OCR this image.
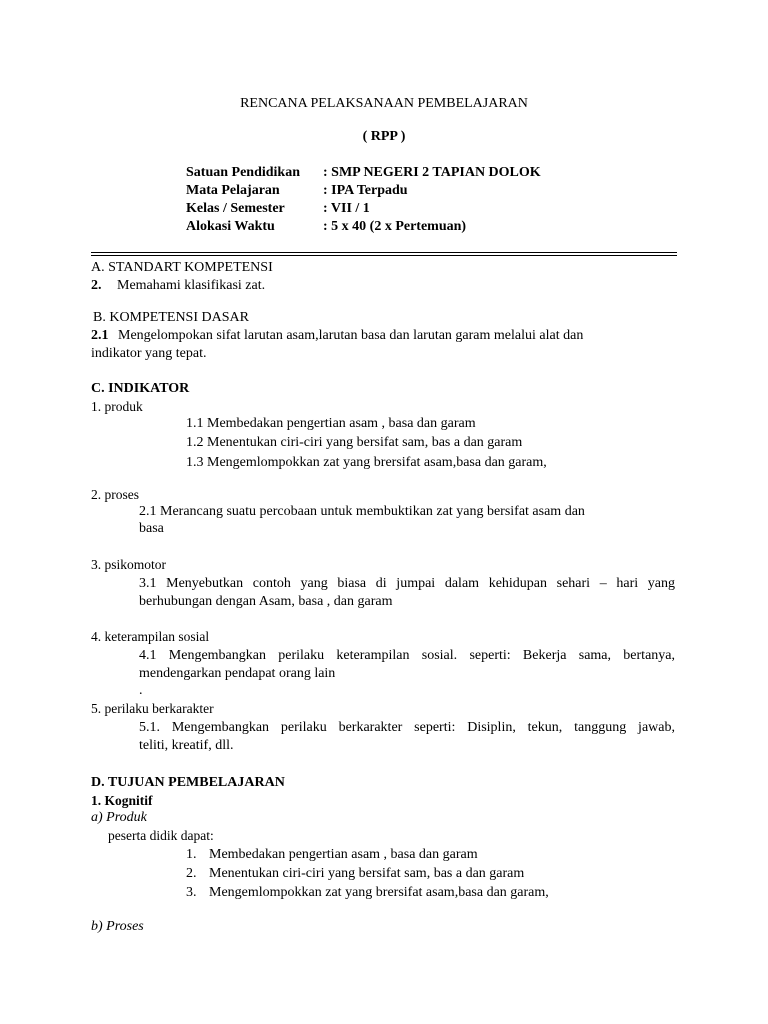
RENCANA PELAKSANAAN PEMBELAJARAN
( RPP )
Satuan Pendidikan : SMP NEGERI 2 TAPIAN DOLOK
Mata Pelajaran	: IPA Terpadu
Kelas / Semester	: VII / 1
Alokasi Waktu	: 5 x 40 (2 x Pertemuan)
A. STANDART KOMPETENSI
2. Memahami klasifikasi zat.
B. KOMPETENSI DASAR
2.1 Mengelompokan sifat larutan asam,larutan basa dan larutan garam melalui alat dan
indikator yang tepat.
C. INDIKATOR
1. produk
1.1 Membedakan pengertian asam , basa dan garam
1.2 Menentukan ciri-ciri yang bersifat sam, bas a dan garam
1.3 Mengemlompokkan zat yang brersifat asam,basa dan garam,
2. proses
2.1 Merancang suatu percobaan untuk membuktikan zat yang bersifat asam dan
basa
3. psikomotor
3.1 Menyebutkan contoh yang biasa di jumpai dalam kehidupan sehari – hari yang
berhubungan dengan Asam, basa , dan garam
4. keterampilan sosial
4.1 Mengembangkan perilaku keterampilan sosial. seperti: Bekerja sama, bertanya,
mendengarkan pendapat orang lain
.
5. perilaku berkarakter
5.1. Mengembangkan perilaku berkarakter seperti: Disiplin, tekun, tanggung jawab,
teliti, kreatif, dll.
D. TUJUAN PEMBELAJARAN
1. Kognitif
a) Produk
peserta didik dapat:
1. Membedakan pengertian asam , basa dan garam
2. Menentukan ciri-ciri yang bersifat sam, bas a dan garam
3. Mengemlompokkan zat yang brersifat asam,basa dan garam,
b) Proses
